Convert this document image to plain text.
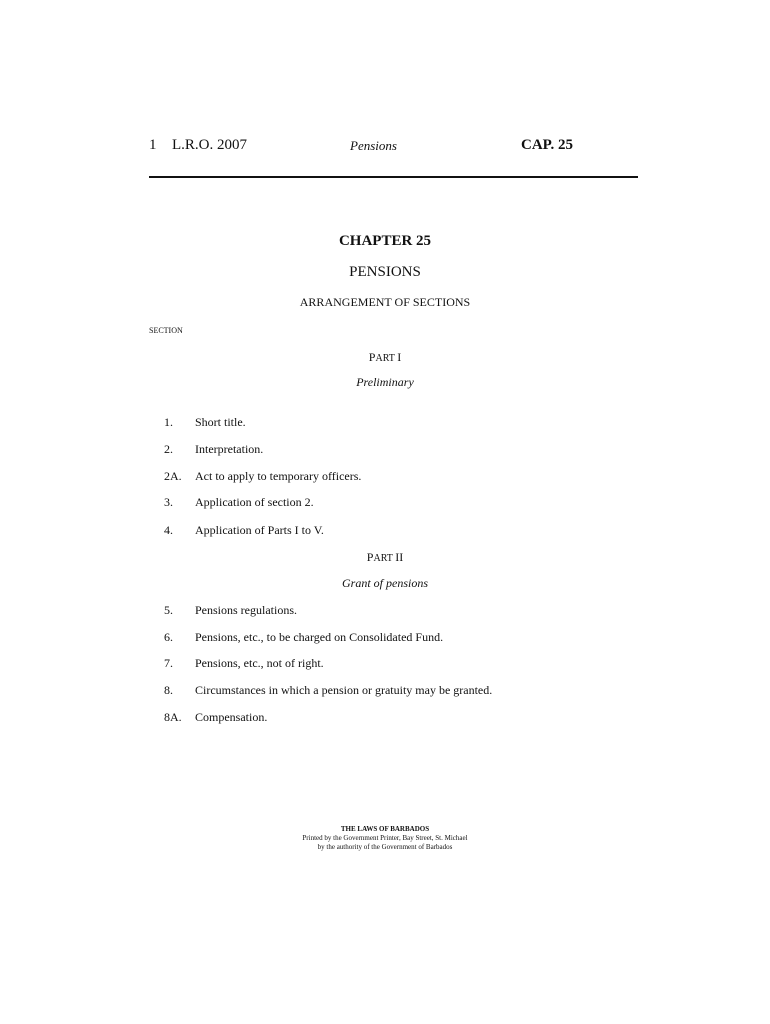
1 L.R.O. 2007	Pensions	CAP. 25
CHAPTER 25
PENSIONS
ARRANGEMENT OF SECTIONS
SECTION
PART I
Preliminary
1.	Short title.
2.	Interpretation.
2A.	Act to apply to temporary officers.
3.	Application of section 2.
4.	Application of Parts I to V.
PART II
Grant of pensions
5.	Pensions regulations.
6.	Pensions, etc., to be charged on Consolidated Fund.
7.	Pensions, etc., not of right.
8.	Circumstances in which a pension or gratuity may be granted.
8A.	Compensation.
THE LAWS OF BARBADOS
Printed by the Government Printer, Bay Street, St. Michael
by the authority of the Government of Barbados
